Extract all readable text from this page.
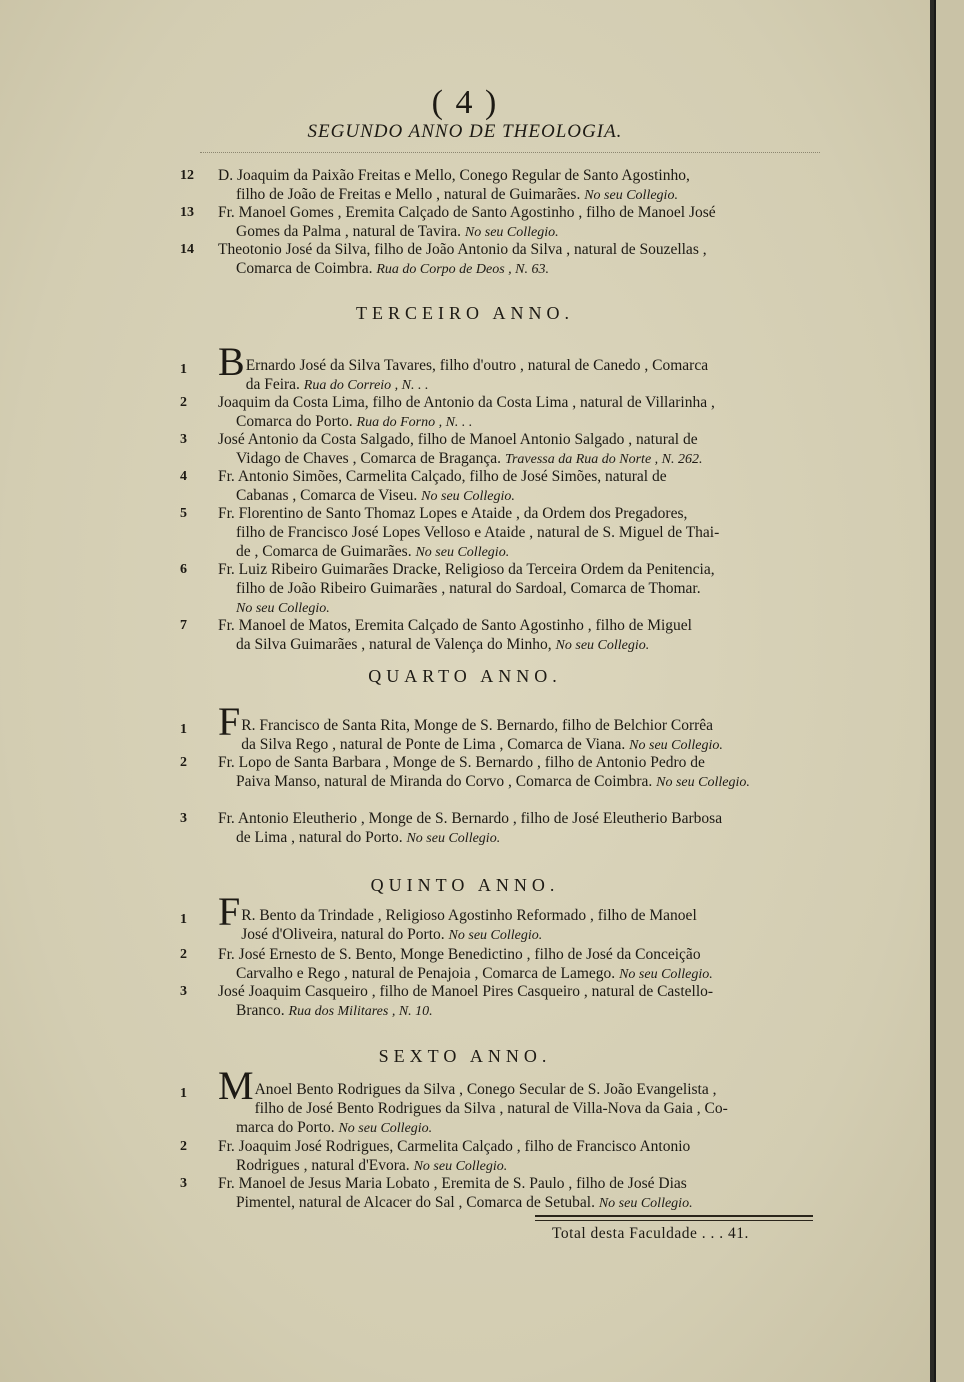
( 4 )
SEGUNDO ANNO DE THEOLOGIA.
12	D. Joaquim da Paixão Freitas e Mello, Conego Regular de Santo Agostinho,
filho de João de Freitas e Mello , natural de Guimarães. No seu Collegio.
13	Fr. Manoel Gomes , Eremita Calçado de Santo Agostinho , filho de Manoel José
Gomes da Palma , natural de Tavira. No seu Collegio.
14	Theotonio José da Silva, filho de João Antonio da Silva , natural de Souzellas ,
Comarca de Coimbra. Rua do Corpo de Deos , N. 63.
TERCEIRO ANNO.
1 B Ernardo José da Silva Tavares, filho d'outro , natural de Canedo , Comarca
da Feira. Rua do Correio , N. . .
2	Joaquim da Costa Lima, filho de Antonio da Costa Lima , natural de Villarinha ,
Comarca do Porto. Rua do Forno , N. . .
3	José Antonio da Costa Salgado, filho de Manoel Antonio Salgado , natural de
Vidago de Chaves , Comarca de Bragança. Travessa da Rua do Norte , N. 262.
4	Fr. Antonio Simões, Carmelita Calçado, filho de José Simões, natural de
Cabanas , Comarca de Viseu. No seu Collegio.
5	Fr. Florentino de Santo Thomaz Lopes e Ataide , da Ordem dos Pregadores,
filho de Francisco José Lopes Velloso e Ataide , natural de S. Miguel de Thai-
de , Comarca de Guimarães. No seu Collegio.
6	Fr. Luiz Ribeiro Guimarães Dracke, Religioso da Terceira Ordem da Penitencia,
filho de João Ribeiro Guimarães , natural do Sardoal, Comarca de Thomar.
No seu Collegio.
7	Fr. Manoel de Matos, Eremita Calçado de Santo Agostinho , filho de Miguel
da Silva Guimarães , natural de Valença do Minho, No seu Collegio.
QUARTO ANNO.
1 F R. Francisco de Santa Rita, Monge de S. Bernardo, filho de Belchior Corrêa
da Silva Rego , natural de Ponte de Lima , Comarca de Viana. No seu Collegio.
2	Fr. Lopo de Santa Barbara , Monge de S. Bernardo , filho de Antonio Pedro de
Paiva Manso, natural de Miranda do Corvo , Comarca de Coimbra. No seu Collegio.
3	Fr. Antonio Eleutherio , Monge de S. Bernardo , filho de José Eleutherio Barbosa
de Lima , natural do Porto. No seu Collegio.
QUINTO ANNO.
1 F R. Bento da Trindade , Religioso Agostinho Reformado , filho de Manoel
José d'Oliveira, natural do Porto. No seu Collegio.
2	Fr. José Ernesto de S. Bento, Monge Benedictino , filho de José da Conceição
Carvalho e Rego , natural de Penajoia , Comarca de Lamego. No seu Collegio.
3	José Joaquim Casqueiro , filho de Manoel Pires Casqueiro , natural de Castello-
Branco. Rua dos Militares , N. 10.
SEXTO ANNO.
1 M Anoel Bento Rodrigues da Silva , Conego Secular de S. João Evangelista ,
filho de José Bento Rodrigues da Silva , natural de Villa-Nova da Gaia , Co-
marca do Porto. No seu Collegio.
2	Fr. Joaquim José Rodrigues, Carmelita Calçado , filho de Francisco Antonio
Rodrigues , natural d'Evora. No seu Collegio.
3	Fr. Manoel de Jesus Maria Lobato , Eremita de S. Paulo , filho de José Dias
Pimentel, natural de Alcacer do Sal , Comarca de Setubal. No seu Collegio.
Total desta Faculdade . . . 41.
